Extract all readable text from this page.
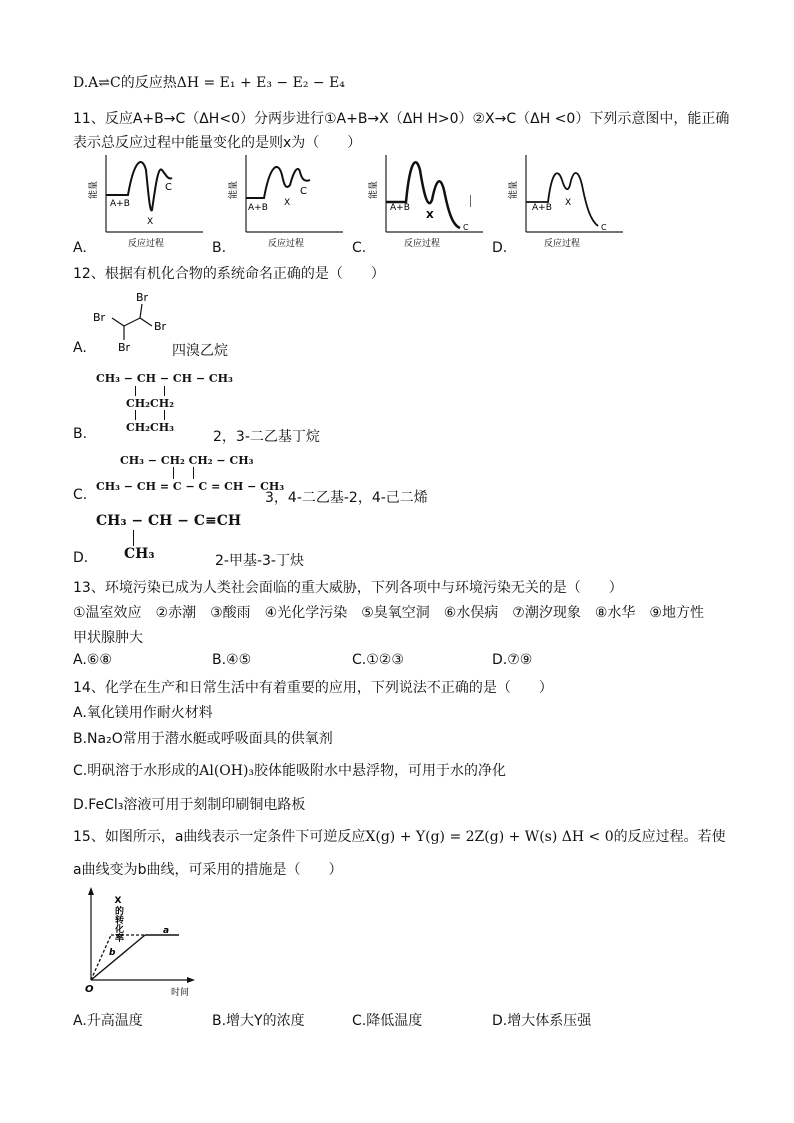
D.A⇌C的反应热ΔH = E₁ + E₃ − E₂ − E₄
11、反应A+B→C（ΔH<0）分两步进行①A+B→X（ΔH H>0）②X→C（ΔH <0）下列示意图中，能正确
表示总反应过程中能量变化的是则x为（　　）
A.
能量
A+B
X
C
反应过程	B.
能量
A+B X
C
反应过程	C.
能量
A+B
X
C
反应过程	D.
能量
A+B X
C
反应过程
12、根据有机化合物的系统命名正确的是（　　）
A.
Br
Br
Br
Br	四溴乙烷
CH₃ − CH − CH − CH₃
CH₂CH₂
CH₂CH₃
B.	2，3-二乙基丁烷
CH₃ − CH₂ CH₂ − CH₃
CH₃ − CH = C − C = CH − CH₃
C.	3，4-二乙基-2，4-己二烯
CH₃ − CH − C≡CH
CH₃
D.	2-甲基-3-丁炔
13、环境污染已成为人类社会面临的重大威胁，下列各项中与环境污染无关的是（　　）
①温室效应　②赤潮　③酸雨　④光化学污染　⑤臭氧空洞　⑥水俣病　⑦潮汐现象　⑧水华　⑨地方性
甲状腺肿大
A.⑥⑧	B.④⑤	C.①②③	D.⑦⑨
14、化学在生产和日常生活中有着重要的应用，下列说法不正确的是（　　）
A.氧化镁用作耐火材料
B.Na₂O常用于潜水艇或呼吸面具的供氧剂
C.明矾溶于水形成的Al(OH)₃胶体能吸附水中悬浮物，可用于水的净化
D.FeCl₃溶液可用于刻制印刷铜电路板
15、如图所示，a曲线表示一定条件下可逆反应X(g) + Y(g) = 2Z(g) + W(s) ΔH < 0的反应过程。若使
a曲线变为b曲线，可采用的措施是（　　）
X的转化率
a
b
O	时间
A.升高温度	B.增大Y的浓度	C.降低温度	D.增大体系压强
